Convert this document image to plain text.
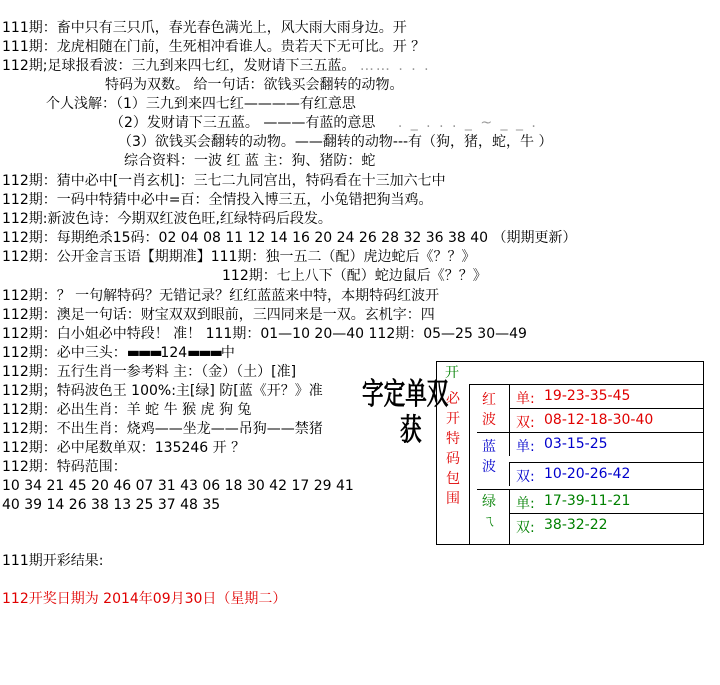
111期：畜中只有三只爪，春光春色满光上，风大雨大雨身边。开
111期：龙虎相随在门前，生死相冲看谁人。贵若天下无可比。开 ？
112期;足球报看波：三九到来四七红，发财请下三五蓝。 …… . . .
特码为双数。 给一句话：欲钱买会翻转的动物。
个人浅解：（1）三九到来四七红————有红意思
（2）发财请下三五蓝。 ———有蓝的意思 . _ . . . _ ~ _ _ .
（3）欲钱买会翻转的动物。——翻转的动物---有（狗，猪，蛇，牛 ）
综合资料：一波 红 蓝 主：狗、猪防：蛇
112期：猜中必中[一肖玄机]：三七二九同宫出，特码看在十三加六七中
112期：一码中特猜中必中=百：全情投入博三五，小兔错把狗当鸡。
112期:新波色诗：今期双红波色旺,红绿特码后段发。
112期：每期绝杀15码：02 04 08 11 12 14 16 20 24 26 28 32 36 38 40 （期期更新）
112期：公开金言玉语【期期准】111期：独一五二（配）虎边蛇后《？？》
112期：七上八下（配）蛇边鼠后《？？》
112期：？ 一句解特码？无错记录？红红蓝蓝来中特，本期特码红波开
112期：澳足一句话：财宝双双到眼前，三四同来是一双。玄机字：四
112期：白小姐必中特段！ 准！ 111期：01—10 20—40 112期：05—25 30—49
112期：必中三头：▬▬▬124▬▬▬中
112期：五行生肖一参考料 主：（金）（土）[准]
112期；特码波色王 100%:主[绿] 防[蓝《开？》准
112期：必出生肖：羊 蛇 牛 猴 虎 狗 兔
112期：不出生肖：烧鸡——坐龙——吊狗——禁猪
112期：必中尾数单双：135246 开 ？
112期：特码范围：
10 34 21 45 20 46 07 31 43 06 18 30 42 17 29 41
40 39 14 26 38 13 25 37 48 35
字定单双
获
111期开彩结果:
112开奖日期为 2014年09月30日（星期二）
开
必
开
特
码
包
围
红
波
蓝
波
绿
ㄟ
单: 19-23-35-45
双: 08-12-18-30-40
单: 03-15-25
双: 10-20-26-42
单: 17-39-11-21
双: 38-32-22
